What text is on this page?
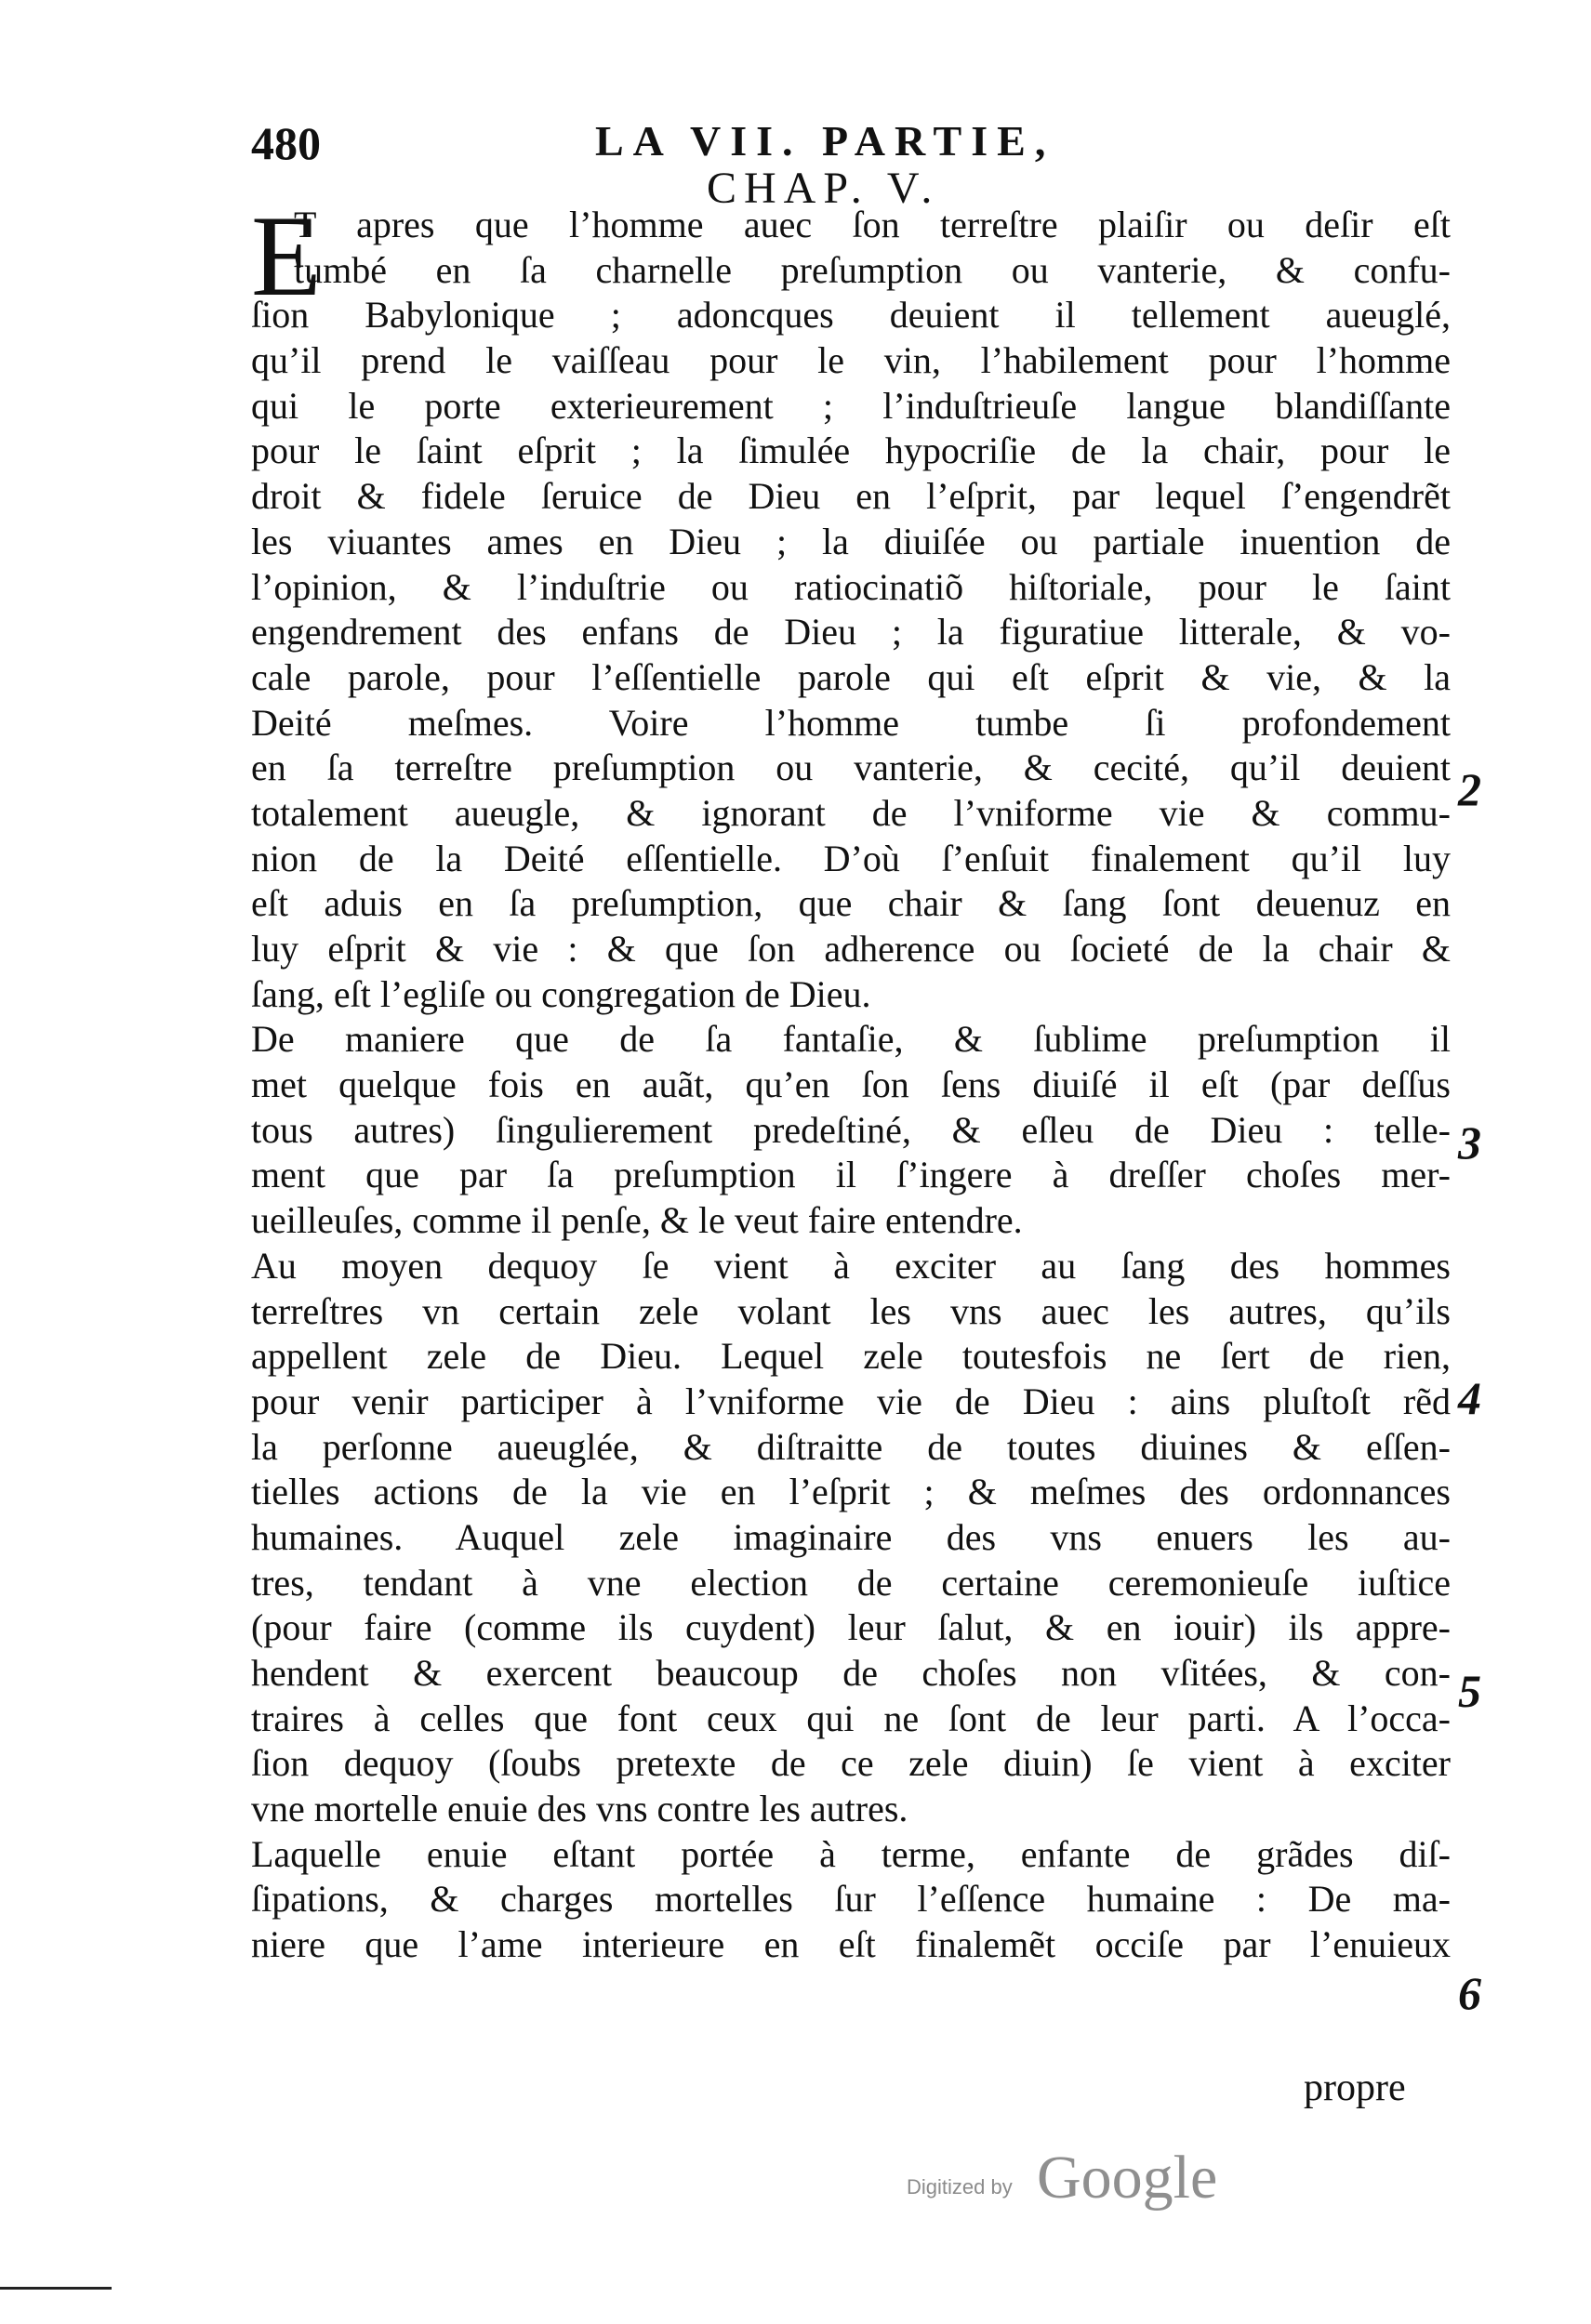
480	LA VII. PARTIE,
CHAP. V.
E
T apres que l’homme auec ſon terreſtre plaiſir ou deſir eſt
tumbé en ſa charnelle preſumption ou vanterie, & confu-
ſion Babylonique ; adoncques deuient il tellement aueuglé,
qu’il prend le vaiſſeau pour le vin, l’habilement pour l’homme
qui le porte exterieurement ; l’induſtrieuſe langue blandiſſante
pour le ſaint eſprit ; la ſimulée hypocriſie de la chair, pour le
droit & fidele ſeruice de Dieu en l’eſprit, par lequel ſ’engendrẽt
les viuantes ames en Dieu ; la diuiſée ou partiale inuention de
l’opinion, & l’induſtrie ou ratiocinatiõ hiſtoriale, pour le ſaint
engendrement des enfans de Dieu ; la figuratiue litterale, & vo-
cale parole, pour l’eſſentielle parole qui eſt eſprit & vie, & la
Deité meſmes. Voire l’homme tumbe ſi profondement
en ſa terreſtre preſumption ou vanterie, & cecité, qu’il deuient
totalement aueugle, & ignorant de l’vniforme vie & commu-
nion de la Deité eſſentielle. D’où ſ’enſuit finalement qu’il luy
eſt aduis en ſa preſumption, que chair & ſang ſont deuenuz en
luy eſprit & vie : & que ſon adherence ou ſocieté de la chair &
ſang, eſt l’egliſe ou congregation de Dieu.
De maniere que de ſa fantaſie, & ſublime preſumption il
met quelque fois en auãt, qu’en ſon ſens diuiſé il eſt (par deſſus
tous autres) ſingulierement predeſtiné, & eſleu de Dieu : telle-
ment que par ſa preſumption il ſ’ingere à dreſſer choſes mer-
ueilleuſes, comme il penſe, & le veut faire entendre.
Au moyen dequoy ſe vient à exciter au ſang des hommes
terreſtres vn certain zele volant les vns auec les autres, qu’ils
appellent zele de Dieu. Lequel zele toutesfois ne ſert de rien,
pour venir participer à l’vniforme vie de Dieu : ains pluſtoſt rẽd
la perſonne aueuglée, & diſtraitte de toutes diuines & eſſen-
tielles actions de la vie en l’eſprit ; & meſmes des ordonnances
humaines. Auquel zele imaginaire des vns enuers les au-
tres, tendant à vne election de certaine ceremonieuſe iuſtice
(pour faire (comme ils cuydent) leur ſalut, & en iouir) ils appre-
hendent & exercent beaucoup de choſes non vſitées, & con-
traires à celles que font ceux qui ne ſont de leur parti. A l’occa-
ſion dequoy (ſoubs pretexte de ce zele diuin) ſe vient à exciter
vne mortelle enuie des vns contre les autres.
Laquelle enuie eſtant portée à terme, enfante de grãdes diſ-
ſipations, & charges mortelles ſur l’eſſence humaine : De ma-
niere que l’ame interieure en eſt finalemẽt occiſe par l’enuieux
2
3
4
5
6
propre
Digitized by Google
